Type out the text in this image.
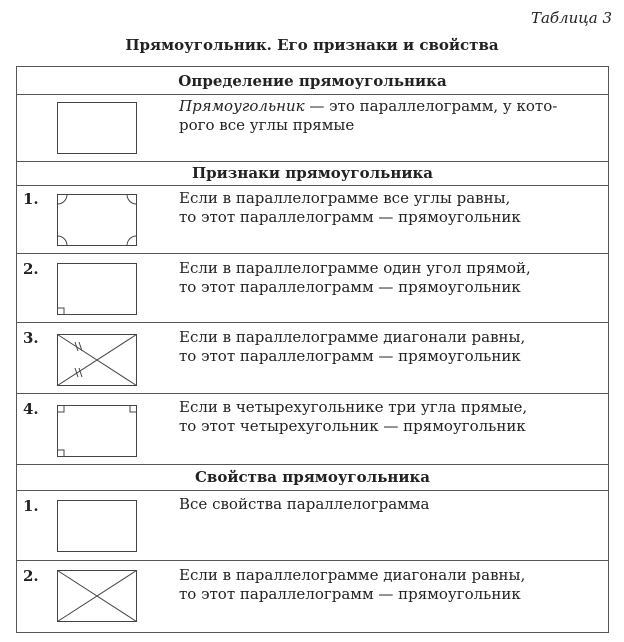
Таблица 3
Прямоугольник. Его признаки и свойства
Определение прямоугольника
Прямоугольник — это параллелограмм, у кото-
рого все углы прямые
Признаки прямоугольника
1.	Если в параллелограмме все углы равны,
то этот параллелограмм — прямоугольник
2.	Если в параллелограмме один угол прямой,
то этот параллелограмм — прямоугольник
3.	Если в параллелограмме диагонали равны,
то этот параллелограмм — прямоугольник
4.	Если в четырехугольнике три угла прямые,
то этот четырехугольник — прямоугольник
Свойства прямоугольника
1.	Все свойства параллелограмма
2.	Если в параллелограмме диагонали равны,
то этот параллелограмм — прямоугольник
